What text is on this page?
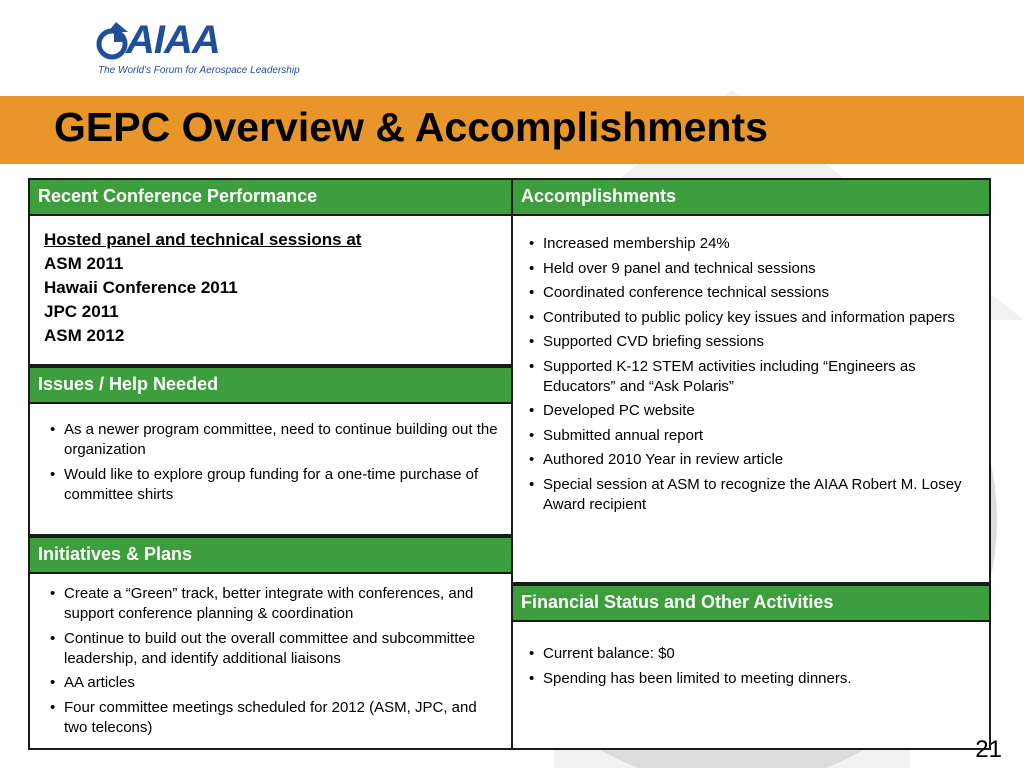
AIAA
The World's Forum for Aerospace Leadership
GEPC Overview & Accomplishments
Recent Conference Performance
Hosted panel and technical sessions at
ASM 2011
Hawaii Conference 2011
JPC 2011
ASM 2012
Issues / Help Needed
• As a newer program committee, need to continue building out the organization
• Would like to explore group funding for a one-time purchase of committee shirts
Initiatives & Plans
• Create a “Green” track, better integrate with conferences, and support conference planning & coordination
• Continue to build out the overall committee and subcommittee leadership, and identify additional liaisons
• AA articles
• Four committee meetings scheduled for 2012 (ASM, JPC, and two telecons)
Accomplishments
• Increased membership 24%
• Held over 9 panel and technical sessions
• Coordinated conference technical sessions
• Contributed to public policy key issues and information papers
• Supported CVD briefing sessions
• Supported K-12 STEM activities including “Engineers as Educators” and “Ask Polaris”
• Developed PC website
• Submitted annual report
• Authored 2010 Year in review article
• Special session at ASM to recognize the AIAA Robert M. Losey Award recipient
Financial Status and Other Activities
• Current balance: $0
• Spending has been limited to meeting dinners.
21
